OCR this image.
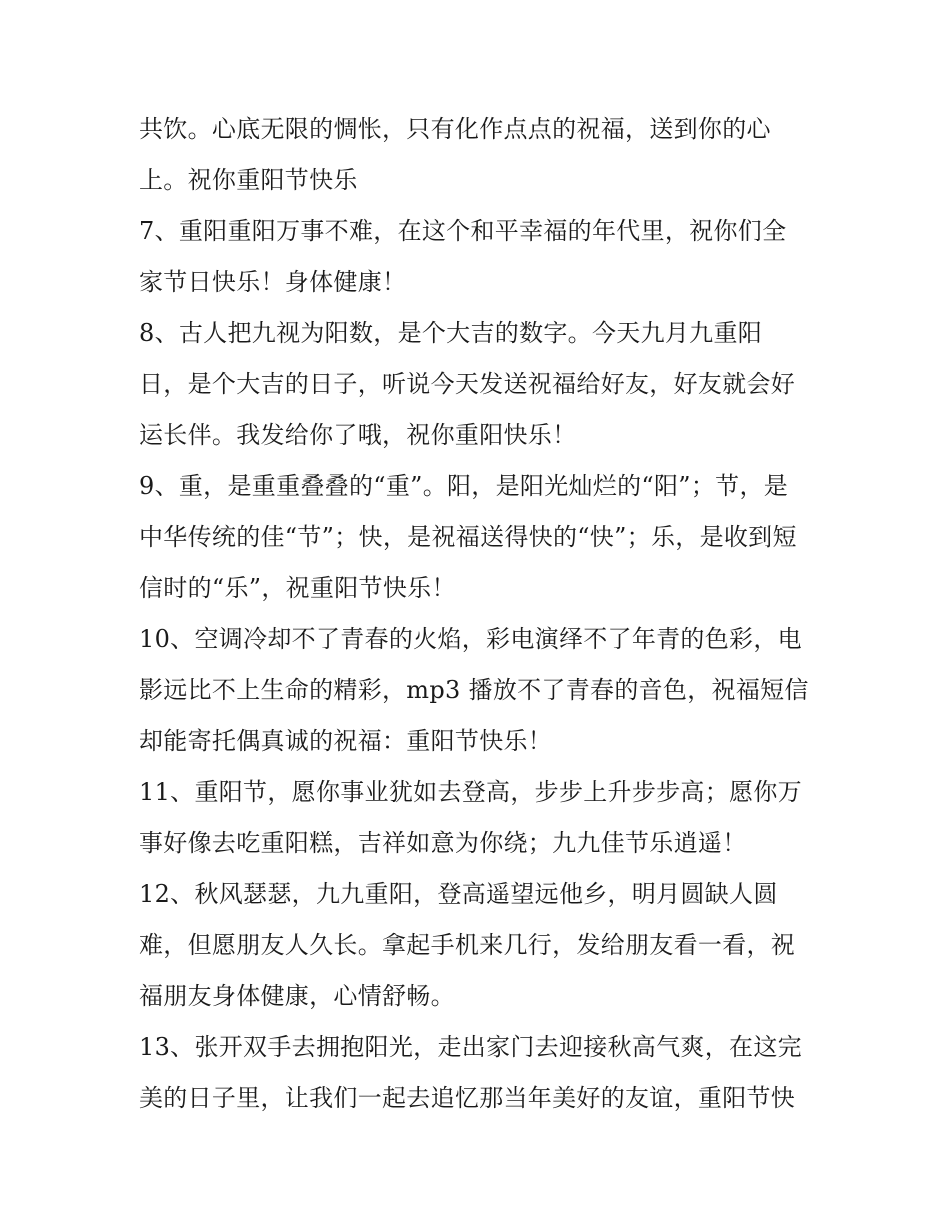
共饮。心底无限的惆怅，只有化作点点的祝福，送到你的心
上。祝你重阳节快乐
7、重阳重阳万事不难，在这个和平幸福的年代里，祝你们全
家节日快乐！身体健康！
8、古人把九视为阳数，是个大吉的数字。今天九月九重阳
日，是个大吉的日子，听说今天发送祝福给好友，好友就会好
运长伴。我发给你了哦，祝你重阳快乐！
9、重，是重重叠叠的“重”。阳，是阳光灿烂的“阳”；节，是
中华传统的佳“节”；快，是祝福送得快的“快”；乐，是收到短
信时的“乐”，祝重阳节快乐！
10、空调冷却不了青春的火焰，彩电演绎不了年青的色彩，电
影远比不上生命的精彩，mp3 播放不了青春的音色，祝福短信
却能寄托偶真诚的祝福：重阳节快乐！
11、重阳节，愿你事业犹如去登高，步步上升步步高；愿你万
事好像去吃重阳糕，吉祥如意为你绕；九九佳节乐逍遥！
12、秋风瑟瑟，九九重阳，登高遥望远他乡，明月圆缺人圆
难，但愿朋友人久长。拿起手机来几行，发给朋友看一看，祝
福朋友身体健康，心情舒畅。
13、张开双手去拥抱阳光，走出家门去迎接秋高气爽，在这完
美的日子里，让我们一起去追忆那当年美好的友谊，重阳节快
